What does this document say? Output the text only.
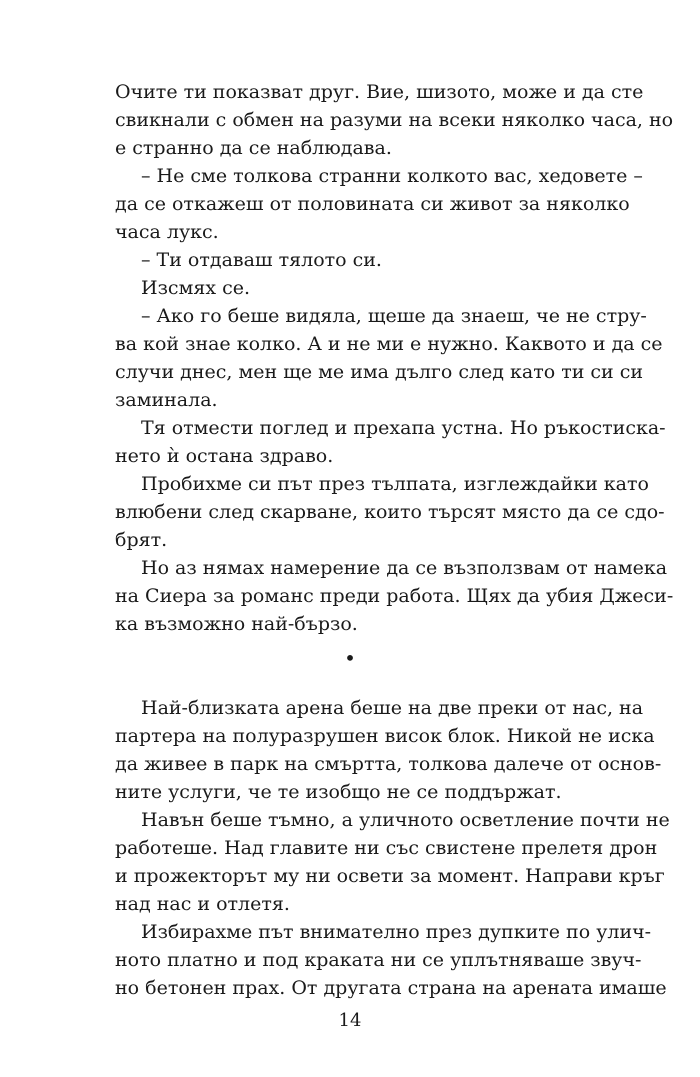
Очите ти показват друг. Вие, шизото, може и да сте
свикнали с обмен на разуми на всеки няколко часа, но
е странно да се наблюдава.
– Не сме толкова странни колкото вас, хедовете –
да се откажеш от половината си живот за няколко
часа лукс.
– Ти отдаваш тялото си.
Изсмях се.
– Ако го беше видяла, щеше да знаеш, че не стру-
ва кой знае колко. А и не ми е нужно. Каквото и да се
случи днес, мен ще ме има дълго след като ти си си
заминала.
Тя отмести поглед и прехапа устна. Но ръкостиска-
нето ѝ остана здраво.
Пробихме си път през тълпата, изглеждайки като
влюбени след скарване, които търсят място да се сдо-
брят.
Но аз нямах намерение да се възползвам от намека
на Сиера за романс преди работа. Щях да убия Джеси-
ка възможно най-бързо.
•
Най-близката арена беше на две преки от нас, на
партера на полуразрушен висок блок. Никой не иска
да живее в парк на смъртта, толкова далече от основ-
ните услуги, че те изобщо не се поддържат.
Навън беше тъмно, а уличното осветление почти не
работеше. Над главите ни със свистене прелетя дрон
и прожекторът му ни освети за момент. Направи кръг
над нас и отлетя.
Избирахме път внимателно през дупките по улич-
ното платно и под краката ни се уплътняваше звуч-
но бетонен прах. От другата страна на арената имаше
14
